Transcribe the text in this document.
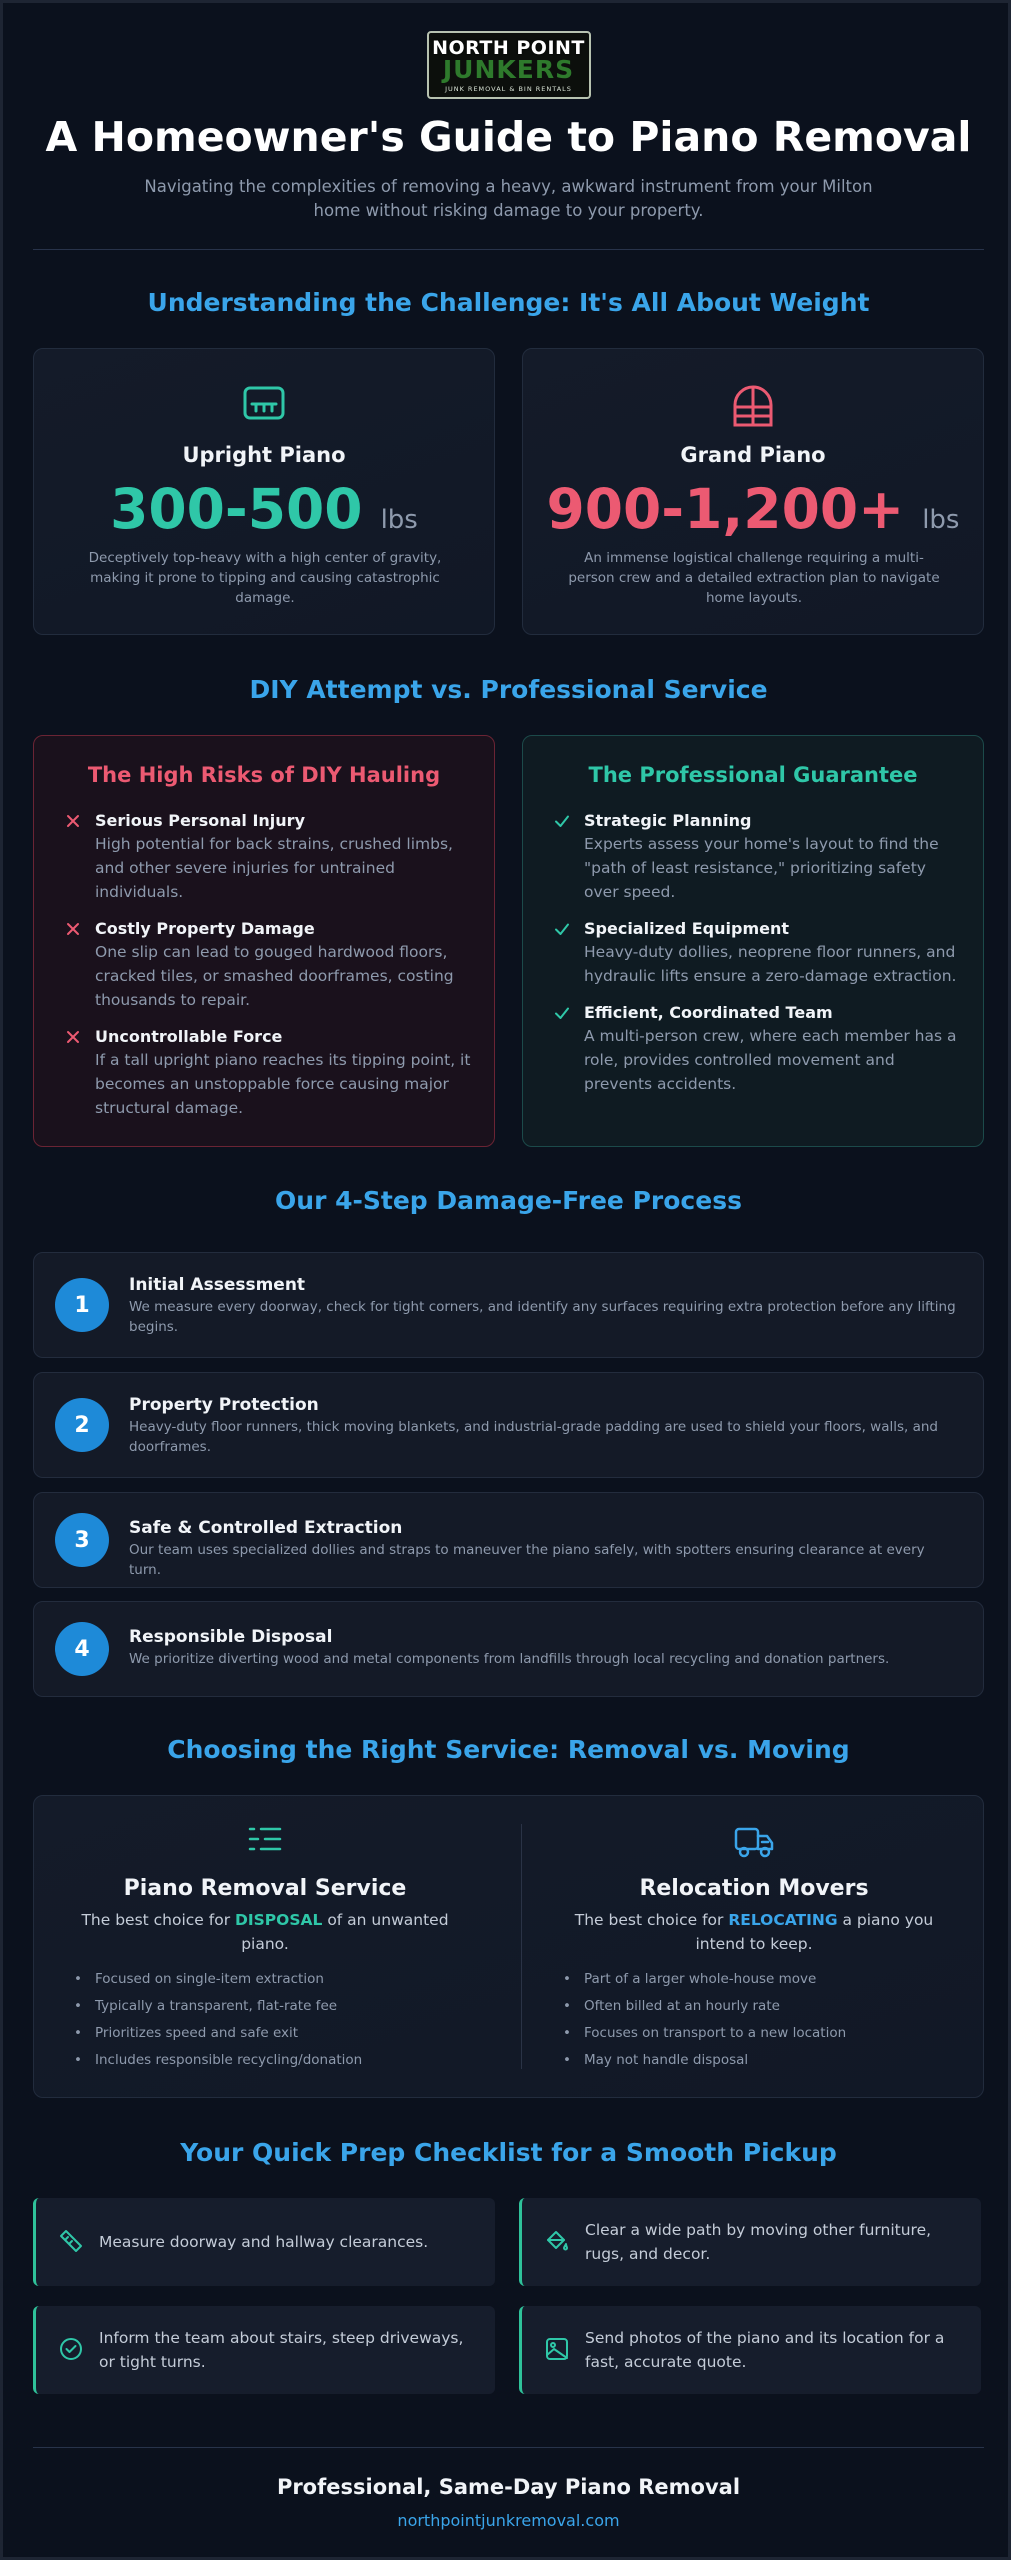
NORTH POINT
JUNKERS
JUNK REMOVAL & BIN RENTALS
A Homeowner's Guide to Piano Removal

Navigating the complexities of removing a heavy, awkward instrument from your Milton home without risking damage to your property.

Understanding the Challenge: It's All About Weight
Upright Piano
300-500 lbs
Deceptively top-heavy with a high center of gravity, making it prone to tipping and causing catastrophic damage.
Grand Piano
900-1,200+ lbs
An immense logistical challenge requiring a multi-person crew and a detailed extraction plan to navigate home layouts.
DIY Attempt vs. Professional Service
The High Risks of DIY Hauling
Serious Personal Injury
High potential for back strains, crushed limbs, and other severe injuries for untrained individuals.
Costly Property Damage
One slip can lead to gouged hardwood floors, cracked tiles, or smashed doorframes, costing thousands to repair.
Uncontrollable Force
If a tall upright piano reaches its tipping point, it becomes an unstoppable force causing major structural damage.
The Professional Guarantee
Strategic Planning
Experts assess your home's layout to find the "path of least resistance," prioritizing safety over speed.
Specialized Equipment
Heavy-duty dollies, neoprene floor runners, and hydraulic lifts ensure a zero-damage extraction.
Efficient, Coordinated Team
A multi-person crew, where each member has a role, provides controlled movement and prevents accidents.
Our 4-Step Damage-Free Process
1
Initial Assessment
We measure every doorway, check for tight corners, and identify any surfaces requiring extra protection before any lifting begins.
2
Property Protection
Heavy-duty floor runners, thick moving blankets, and industrial-grade padding are used to shield your floors, walls, and doorframes.
3	Safe & Controlled Extraction
Our team uses specialized dollies and straps to maneuver the piano safely, with spotters ensuring clearance at every turn.
4	Responsible Disposal
We prioritize diverting wood and metal components from landfills through local recycling and donation partners.
Choosing the Right Service: Removal vs. Moving
Piano Removal Service
The best choice for DISPOSAL of an unwanted piano.
• Focused on single-item extraction
• Typically a transparent, flat-rate fee
• Prioritizes speed and safe exit
• Includes responsible recycling/donation
Relocation Movers
The best choice for RELOCATING a piano you intend to keep.
• Part of a larger whole-house move
• Often billed at an hourly rate
• Focuses on transport to a new location
• May not handle disposal
Your Quick Prep Checklist for a Smooth Pickup
Measure doorway and hallway clearances.
Clear a wide path by moving other furniture, rugs, and decor.
Inform the team about stairs, steep driveways, or tight turns.
Send photos of the piano and its location for a fast, accurate quote.
Professional, Same-Day Piano Removal
northpointjunkremoval.com
